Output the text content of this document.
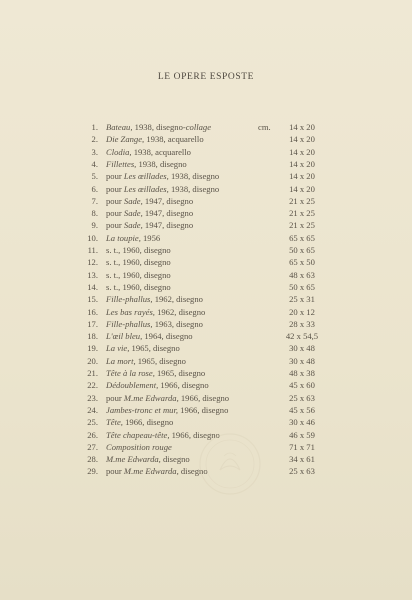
LE OPERE ESPOSTE
1. Bateau, 1938, disegno-collage	cm.	14 x 20
2. Die Zange, 1938, acquarello	14 x 20
3. Clodia, 1938, acquarello	14 x 20
4. Fillettes, 1938, disegno	14 x 20
5. pour Les œillades, 1938, disegno	14 x 20
6. pour Les œillades, 1938, disegno	14 x 20
7. pour Sade, 1947, disegno	21 x 25
8. pour Sade, 1947, disegno	21 x 25
9. pour Sade, 1947, disegno	21 x 25
10. La toupie, 1956	65 x 65
11. s. t., 1960, disegno	50 x 65
12. s. t., 1960, disegno	65 x 50
13. s. t., 1960, disegno	48 x 63
14. s. t., 1960, disegno	50 x 65
15. Fille-phallus, 1962, disegno	25 x 31
16. Les bas rayés, 1962, disegno	20 x 12
17. Fille-phallus, 1963, disegno	28 x 33
18. L'œil bleu, 1964, disegno	42 x 54,5
19. La vie, 1965, disegno	30 x 48
20. La mort, 1965, disegno	30 x 48
21. Tête à la rose, 1965, disegno	48 x 38
22. Dédoublement, 1966, disegno	45 x 60
23. pour M.me Edwarda, 1966, disegno	25 x 63
24. Jambes-tronc et mur, 1966, disegno	45 x 56
25. Tête, 1966, disegno	30 x 46
26. Tête chapeau-tête, 1966, disegno	46 x 59
27. Composition rouge	71 x 71
28. M.me Edwarda, disegno	34 x 61
29. pour M.me Edwarda, disegno	25 x 63
